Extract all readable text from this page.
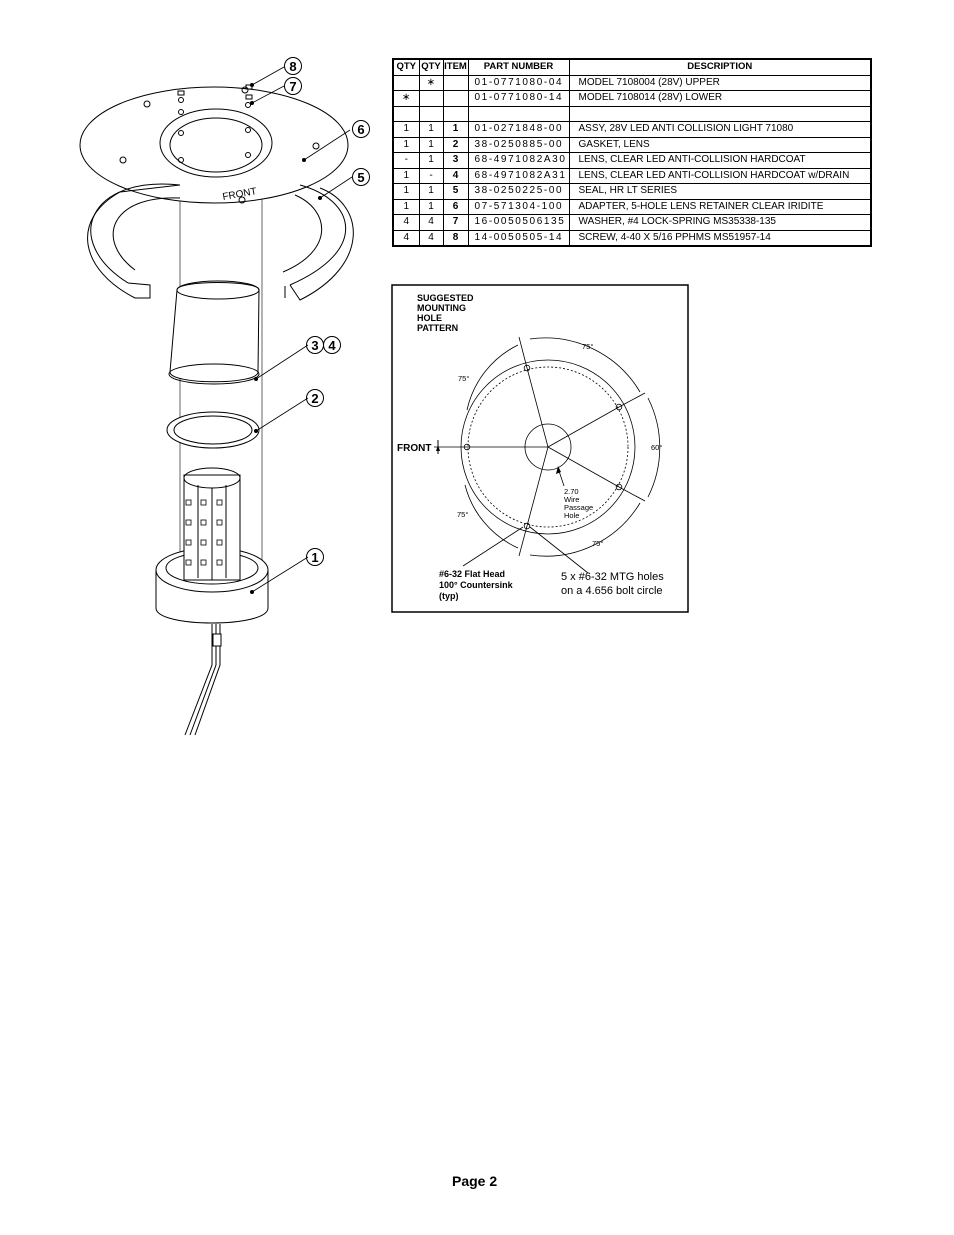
8
7
6
5
3 4
2
1
FRONT
SUGGESTED
MOUNTING
HOLE
PATTERN
FRONT
75°
75°
60°
75°
75°
2.70
Wire
Passage
Hole
#6-32 Flat Head
100° Countersink
(typ)
5 x #6-32 MTG holes
on a 4.656 bolt circle
QTY	QTY	ITEM	PART NUMBER	DESCRIPTION
	∗		01-0771080-04	MODEL 7108004 (28V) UPPER
∗			01-0771080-14	MODEL 7108014 (28V) LOWER

1	1	1	01-0271848-00	ASSY, 28V LED ANTI COLLISION LIGHT 71080
1	1	2	38-0250885-00	GASKET, LENS
-	1	3	68-4971082A30	LENS, CLEAR LED ANTI-COLLISION HARDCOAT
1	-	4	68-4971082A31	LENS, CLEAR LED ANTI-COLLISION HARDCOAT w/DRAIN
1	1	5	38-0250225-00	SEAL, HR LT SERIES
1	1	6	07-571304-100	ADAPTER, 5-HOLE LENS RETAINER CLEAR IRIDITE
4	4	7	16-0050506135	WASHER, #4 LOCK-SPRING MS35338-135
4	4	8	14-0050505-14	SCREW, 4-40 X 5/16 PPHMS MS51957-14
Page 2
